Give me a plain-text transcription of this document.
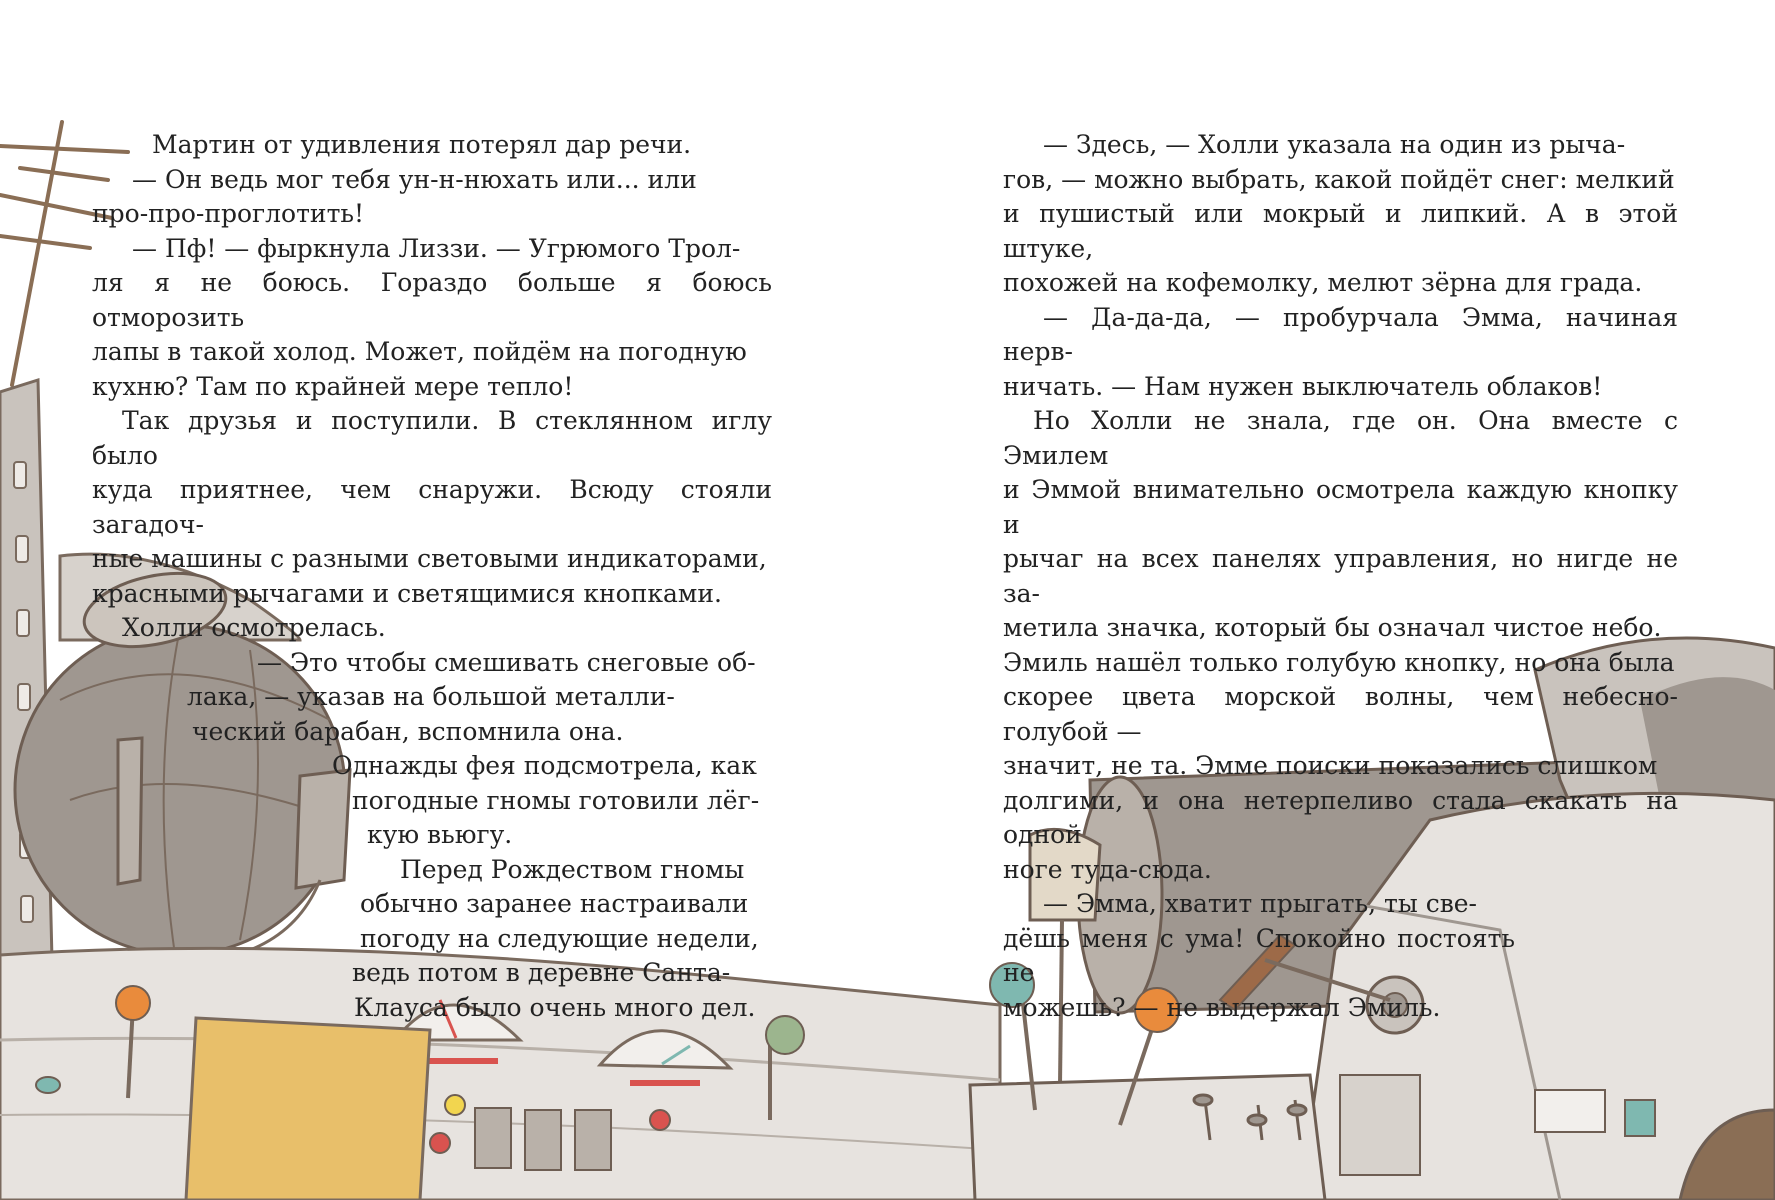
Мартин от удивления потерял дар речи.

— Он ведь мог тебя ун-н-нюхать или... или
про-про-проглотить!

— Пф! — фыркнула Лиззи. — Угрюмого Трол-
ля я не боюсь. Гораздо больше я боюсь отморозить
лапы в такой холод. Может, пойдём на погодную
кухню? Там по крайней мере тепло!

Так друзья и поступили. В стеклянном иглу было
куда приятнее, чем снаружи. Всюду стояли загадоч-
ные машины с разными световыми индикаторами,
красными рычагами и светящимися кнопками.

Холли осмотрелась.

— Это чтобы смешивать снеговые об-
лака, — указав на большой металли-
ческий барабан, вспомнила она.
Однажды фея подсмотрела, как
погодные гномы готовили лёг-
кую вьюгу.

Перед Рождеством гномы
обычно заранее настраивали
погоду на следующие недели,
ведь потом в деревне Санта-
Клауса было очень много дел.

— Здесь, — Холли указала на один из рыча-
гов, — можно выбрать, какой пойдёт снег: мелкий
и пушистый или мокрый и липкий. А в этой штуке,
похожей на кофемолку, мелют зёрна для града.

— Да-да-да, — пробурчала Эмма, начиная нерв-
ничать. — Нам нужен выключатель облаков!

Но Холли не знала, где он. Она вместе с Эмилем
и Эммой внимательно осмотрела каждую кнопку и
рычаг на всех панелях управления, но нигде не за-
метила значка, который бы означал чистое небо.
Эмиль нашёл только голубую кнопку, но она была
скорее цвета морской волны, чем небесно-голубой —
значит, не та. Эмме поиски показались слишком
долгими, и она нетерпеливо стала скакать на одной
ноге туда-сюда.

— Эмма, хватит прыгать, ты све-
дёшь меня с ума! Спокойно постоять не
можешь? — не выдержал Эмиль.
